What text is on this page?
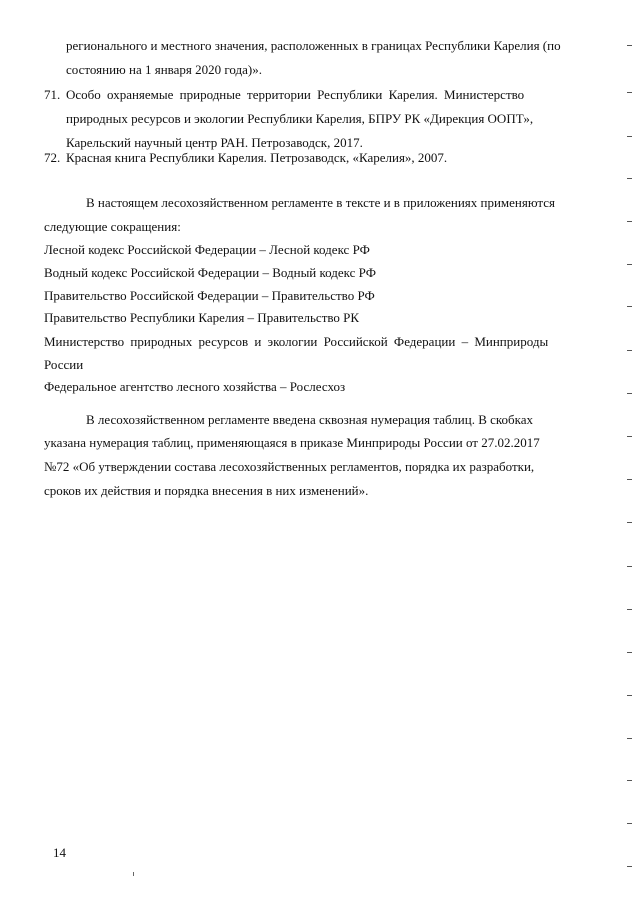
регионального и местного значения, расположенных в границах Республики Карелия (по
состоянию на 1 января 2020 года)».
71. Особо охраняемые природные территории Республики Карелия. Министерство
природных ресурсов и экологии Республики Карелия, БПРУ РК «Дирекция ООПТ»,
Карельский научный центр РАН. Петрозаводск, 2017.
72. Красная книга Республики Карелия. Петрозаводск, «Карелия», 2007.
В настоящем лесохозяйственном регламенте в тексте и в приложениях применяются
следующие сокращения:
Лесной кодекс Российской Федерации – Лесной кодекс РФ
Водный кодекс Российской Федерации – Водный кодекс РФ
Правительство Российской Федерации – Правительство РФ
Правительство Республики Карелия – Правительство РК
Министерство природных ресурсов и экологии Российской Федерации – Минприроды
России
Федеральное агентство лесного хозяйства – Рослесхоз
В лесохозяйственном регламенте введена сквозная нумерация таблиц. В скобках
указана нумерация таблиц, применяющаяся в приказе Минприроды России от 27.02.2017
№72 «Об утверждении состава лесохозяйственных регламентов, порядка их разработки,
сроков их действия и порядка внесения в них изменений».
14
